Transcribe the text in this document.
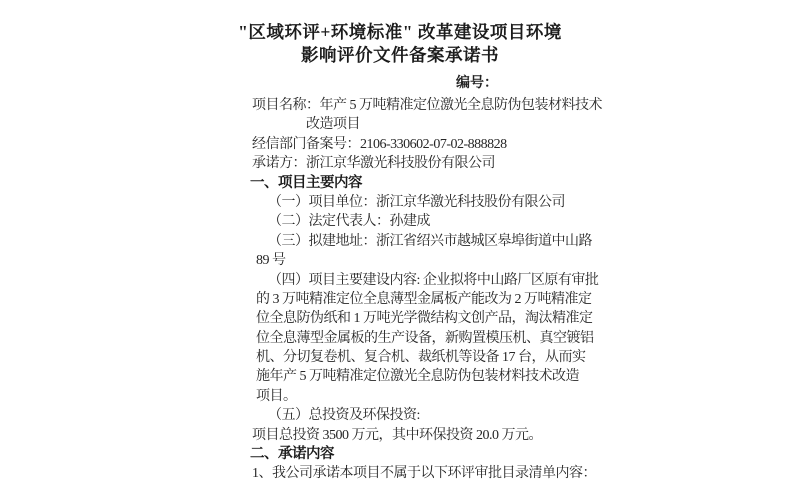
"区域环评+环境标准" 改革建设项目环境
影响评价文件备案承诺书
编号：
项目名称：年产 5 万吨精准定位激光全息防伪包装材料技术
改造项目
经信部门备案号：2106-330602-07-02-888828
承诺方：浙江京华激光科技股份有限公司
一、项目主要内容
（一）项目单位：浙江京华激光科技股份有限公司
（二）法定代表人：孙建成
（三）拟建地址：浙江省绍兴市越城区皋埠街道中山路
89 号
（四）项目主要建设内容: 企业拟将中山路厂区原有审批
的 3 万吨精准定位全息薄型金属板产能改为 2 万吨精准定
位全息防伪纸和 1 万吨光学微结构文创产品，淘汰精准定
位全息薄型金属板的生产设备，新购置模压机、真空镀铝
机、分切复卷机、复合机、裁纸机等设备 17 台，从而实
施年产 5 万吨精准定位激光全息防伪包装材料技术改造
项目。
（五）总投资及环保投资:
项目总投资 3500 万元，其中环保投资 20.0 万元。
二、承诺内容
1、我公司承诺本项目不属于以下环评审批目录清单内容：
